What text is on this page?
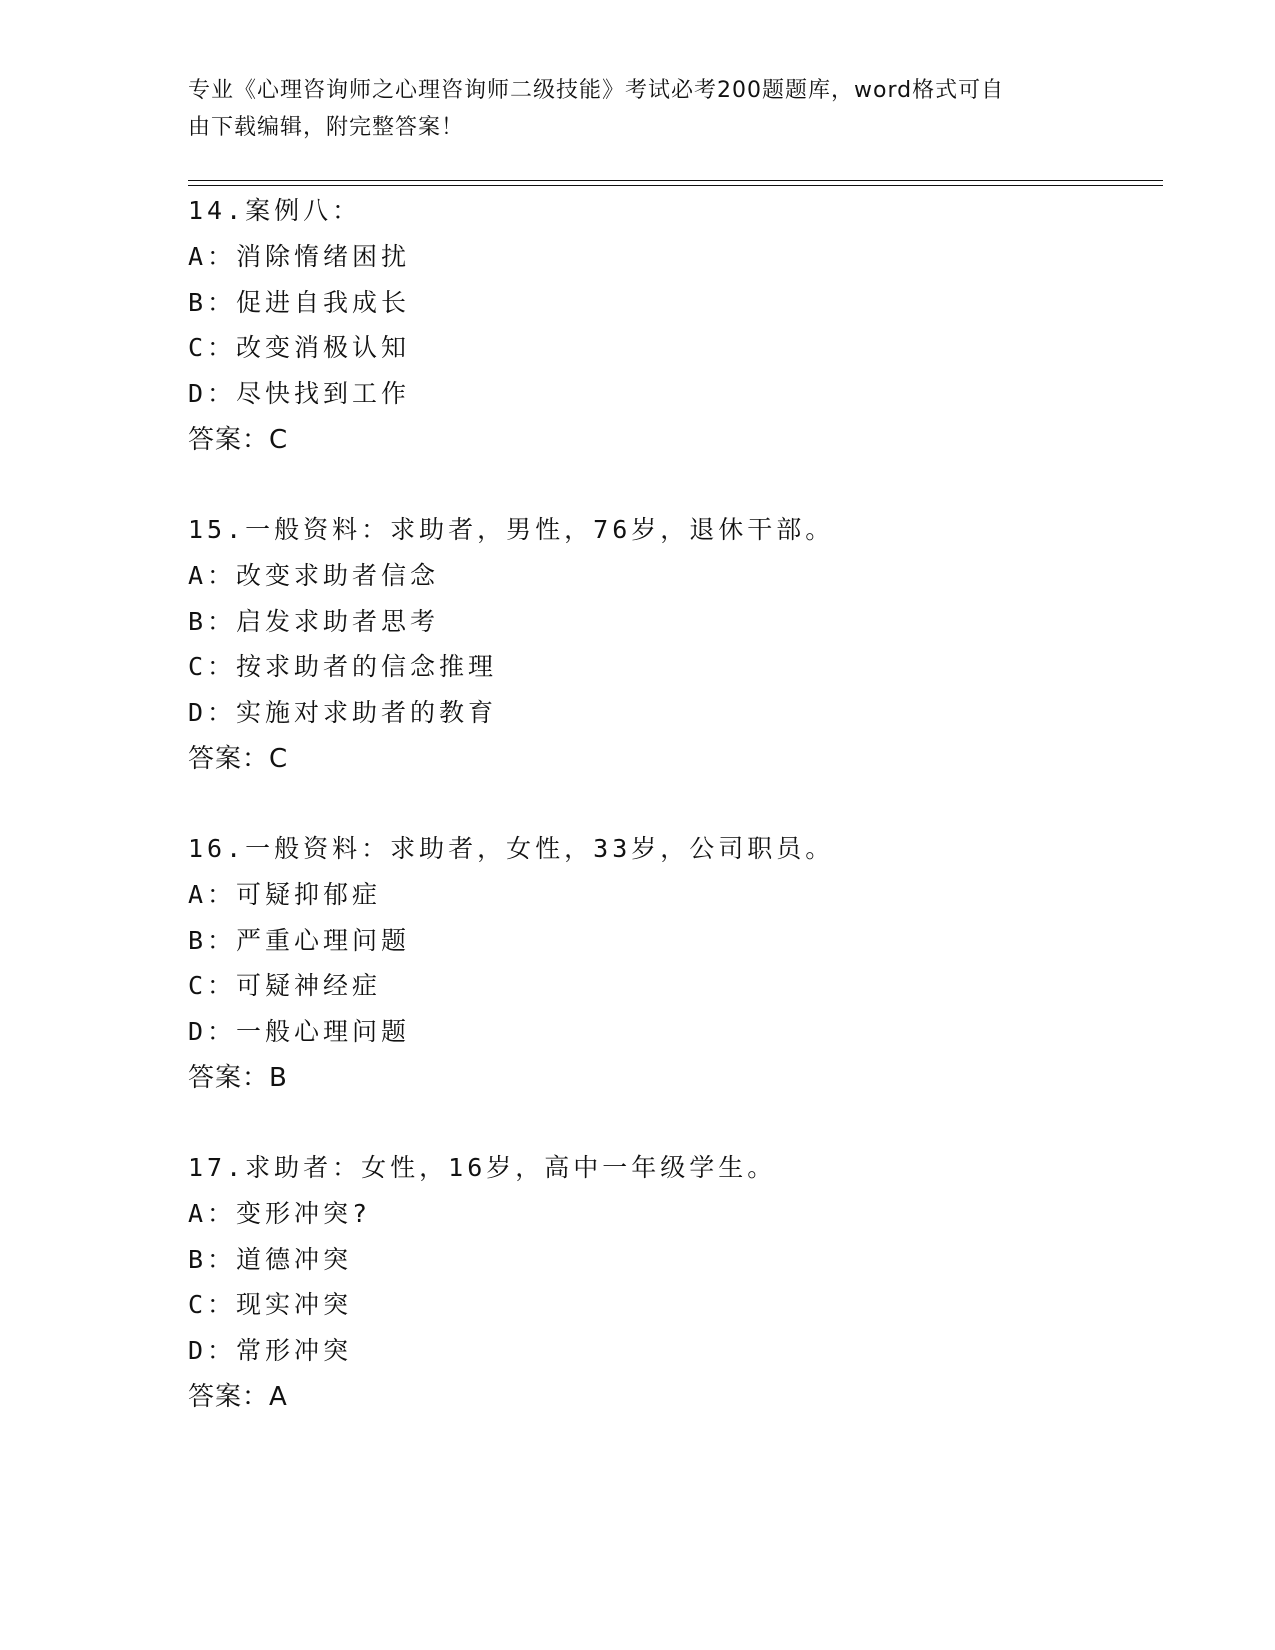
专业《心理咨询师之心理咨询师二级技能》考试必考200题题库，word格式可自
由下载编辑，附完整答案！
14.案例八：
A：消除惰绪困扰
B：促进自我成长
C：改变消极认知
D：尽快找到工作
答案：C
15.一般资料：求助者，男性，76岁，退休干部。
A：改变求助者信念
B：启发求助者思考
C：按求助者的信念推理
D：实施对求助者的教育
答案：C
16.一般资料：求助者，女性，33岁，公司职员。
A：可疑抑郁症
B：严重心理问题
C：可疑神经症
D：一般心理问题
答案：B
17.求助者：女性，16岁，高中一年级学生。
A：变形冲突?
B：道德冲突
C：现实冲突
D：常形冲突
答案：A
